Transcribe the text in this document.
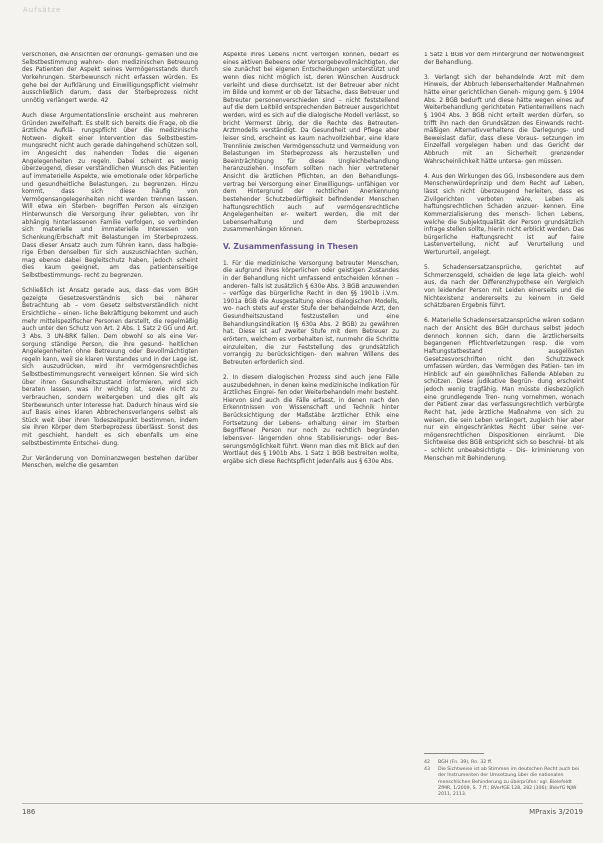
Aufsätze

verschollen, die Ansichten der ordnungs- gemäßen und die Selbstbestimmung wahren- den medizinischen Betreuung des Patienten der Aspekt seines Vermögensstands durch Vorkehrungen. Sterbewunsch nicht erfassen würden. Es gehe bei der Aufklärung und Einwilligungspflicht vielmehr ausschließlich darum, dass der Sterbeprozess nicht unnötig verlängert werde. 42

Auch diese Argumentationslinie erscheint aus mehreren Gründen zweifelhaft. Es stellt sich bereits die Frage, ob die ärztliche Aufklä- rungspflicht über die medizinische Notwen- digkeit einer Intervention das Selbstbestim- mungsrecht nicht auch gerade dahingehend schützen soll, im Angesicht des nahenden Todes die eigenen Angelegenheiten zu regeln. Dabei scheint es wenig überzeugend, dieser verständlichen Wunsch des Patienten auf immaterielle Aspekte, wie emotionale oder körperliche und gesundheitliche Belastungen, zu begrenzen. Hinzu kommt, dass sich diese häufig von Vermögensangelegenheiten nicht werden trennen lassen. Will etwa ein Sterben- begriffen Person als einzigen Hinterwunsch die Versorgung ihrer geliebten, von ihr abhängig hinterlassenen Familie verfolgen, so verbinden sich materielle und immaterielle Interessen von Schenkung/Erbschaft mit Belastungen im Sterbeprozess. Dass dieser Ansatz auch zum führen kann, dass halbgie- rige Erben denselben für sich auszuschlachten suchen, mag ebenso dabei Begleitschutz haben, jedoch scheint dies kaum geeignet, am das patientenseitige Selbstbestimmungs- recht zu begrenzen.

Schließlich ist Ansatz gerade aus, dass das vom BGH gezeigte Gesetzesverständnis sich bei näherer Betrachtung ab – vom Gesetz selbstverständlich nicht Ersichtliche – einen- liche Bekräftigung bekommt und auch mehr mittelspezifischer Personen darstellt, die regelmäßig auch unter den Schutz von Art. 2 Abs. 1 Satz 2 GG und Art. 3 Abs. 3 UN-BRK fallen. Dem obwohl so als eine Ver- sorgung ständige Person, die ihre gesund- heitlichen Angelegenheiten ohne Betreuung oder Bevollmächtigten regeln kann, weil sie klaren Verstandes und in der Lage ist, sich auszudrücken, wird ihr vermögensrechtliches Selbstbestimmungsrecht verweigert können. Sie wird sich über ihren Gesundheitszustand informieren, wird sich beraten lassen, was ihr wichtig ist, sowie nicht zu verbrauchen, sondern weitergeben und dies gilt als Sterbewunsch unter Interesse hat. Dadurch hinaus wird sie auf Basis eines klaren Abbrechensverlangens selbst als Stück weit über ihren Todeszeitpunkt bestimmen, indem sie ihren Körper dem Sterbeprozess überlässt. Sonst des mit geschieht, handelt es sich ebenfalls um eine selbstbestimmte Entschei- dung.

Zur Veränderung von Dominanzwegen bestehen darüber Menschen, welche die gesamten

Aspekte ihres Lebens nicht verfolgen können, bedarf es eines aktiven Bebeens oder Vorsorgebevollmächtigten, der sie zunächst bei eigenen Entscheidungen unterstützt und wenn dies nicht möglich ist, deren Wünschen Ausdruck verleiht und diese durchsetzt. Ist der Betreuer aber nicht im Bilde und kommt er ob der Tatsache, dass Betreuer und Betreuter personenverschieden sind – nicht feststellend auf die dem Leitbild entsprechenden Betreuer ausgerichtet werden, wird es sich auf die dialogische Modell verlässt, so bricht Vermerst übrig, der die Rechte des Betreuten-Arztmodells verständigt. Da Gesundheit und Pflege aber leiser sind, erscheint es kaum nachvollziehbar, eine klare Trennlinie zwischen Vermögensschutz und Vermeidung von Belastungen im Sterbeprozess als herzustellen und Beeinträchtigung für diese Ungleichbehandlung heranzuziehen. Insofern sollten nach hier vertretener Ansicht die ärztlichen Pflichten, an den Behandlungs- vertrag bei Versorgung einer Einwilligungs- unfähigen vor dem Hintergrund der rechtlichen Anerkennung bestehender Schutzbedürftigkeit befindender Menschen haftungsrechtlich auch auf vermögensrechtliche Angelegenheiten er- weitert werden, die mit der Lebenserhaltung und dem Sterbeprozess zusammenhängen können.

V. Zusammenfassung in Thesen

1. Für die medizinische Versorgung betreuter Menschen, die aufgrund ihres körperlichen oder geistigen Zustandes in der Behandlung nicht umfassend entscheiden können – anderen- falls ist zusätzlich § 630e Abs. 3 BGB anzuwenden – verfüge das bürgerliche Recht in den §§ 1901b i.V.m. 1901a BGB die Ausgestaltung eines dialogischen Modells, wo- nach stets auf erster Stufe der behandelnde Arzt, den Gesundheitszustand festzustellen und eine Behandlungsindikation (§ 630a Abs. 2 BGB) zu gewähren hat. Diese ist auf zweiter Stufe mit dem Betreuer zu erörtern, welchem es vorbehalten ist, nunmehr die Schritte einzuleiten, die zur Feststellung des grundsätzlich vorrangig zu berücksichtigen- den wahren Willens des Betreuten erforderlich sind.

2. In diesem dialogischen Prozess sind auch jene Fälle auszubedehnen, in denen keine medizinische Indikation für ärztliches Eingrei- fen oder Weiterbehandeln mehr besteht. Hiervon sind auch die Fälle erfasst, in denen nach den Erkenntnissen von Wissenschaft und Technik hinter Berücksichtigung der Maßstäbe ärztlicher Ethik eine Fortsetzung der Lebens- erhaltung einer im Sterben Begriffener Person nur noch zu rechtlich begründen lebensver- längernden ohne Stabilisierungs- oder Bes- serungsmöglichkeit führt. Wenn man dies mit Blick auf den Wortlaut des § 1901b Abs. 1 Satz 1 BGB bestreiten wollte, ergäbe sich diese Rechtspflicht jedenfalls aus § 630e Abs.

1 Satz 1 BGB vor dem Hintergrund der Notwendigkeit der Behandlung.

3. Verlangt sich der behandelnde Arzt mit dem Hinweis, der Abbruch lebenserhaltender Maßnahmen hätte einer gerichtlichen Geneh- migung gem. § 1904 Abs. 2 BGB bedurft und diese hätte wegen eines auf Weiterbehandlung gerichteten Patientenwillens nach § 1904 Abs. 3 BGB nicht erteilt werden dürfen, so trifft ihn nach den Grundsätzen des Einwands recht- mäßigen Alternativverhaltens die Darlegungs- und Beweislast dafür, dass diese Voraus- setzungen im Einzelfall vorgelegen haben und das Gericht der Abbruch mit an Sicherheit grenzender Wahrscheinlichkeit hätte untersa- gen müssen.

4. Aus den Wirkungen des GG, insbesondere aus dem Menschenwürdeprinzip und dem Recht auf Leben, lässt sich nicht überzeugend herleiten, dass es Zivilgerichten verboten wäre, Leben als haftungsrechtlichen Schaden anzuer- kennen. Eine Kommerzialisierung des mensch- lichen Lebens, welche die Subjektqualität der Person grundsätzlich infrage stellen sollte, hierin nicht erblickt werden. Das bürgerliche Haftungsrecht ist auf faire Lastenverteilung, nicht auf Verurteilung und Wertururteil, angelegt.

5. Schadensersatzansprüche, gerichtet auf Schmerzensgeld, scheiden de lege lata gleich- wohl aus, da nach der Differenzhypothese ein Vergleich von leidender Person mit Leiden einerseits und die Nichtexistenz andererseits zu keinem in Geld schätzbaren Ergebnis führt.

6. Materielle Schadensersatzansprüche wären sodann nach der Ansicht des BGH durchaus selbst jedoch dennoch konnen sich, dann die ärztlicherseits begangenen Pflichtverletzungen resp. die vom Haftungstatbestand ausgelösten Gesetzesvorschriften nicht den Schutzzweck umfassen würden, das Vermögen des Patien- ten im Hinblick auf ein gewöhnliches Fallende Ableben zu schützen. Diese judikative Begrün- dung erscheint jedoch wenig tragfähig. Man müsste diesbezüglich eine grundlegende Tren- nung vornehmen, wonach der Patient zwar das verfassungsrechtlich verbürgte Recht hat, jede ärztliche Maßnahme von sich zu weisen, die sein Leben verlängert, zugleich hier aber nur ein eingeschränktes Recht über seine ver- mögensrechtlichen Dispositionen einräumt. Die Sichtweise des BGB entspricht sich so beschrei- bt als – schlicht unbeabsichtigte – Dis- kriminierung von Menschen mit Behinderung.

42	BGH (Fn. 39), Rn. 32 ff.
43	Die Sichtweise ist ab Stimmen im deutschen Recht auch bei der Instrumenten der Umsetzung über die nationalen menschlichen Behinderung zu überprüfen: vgl. Bielefeldt ZfMR, 1/2009, S. 7 ff.; BVerfGE 128, 282 (306); BVerfG NJW 2011, 2113.
186	MPraxis 3/2019
